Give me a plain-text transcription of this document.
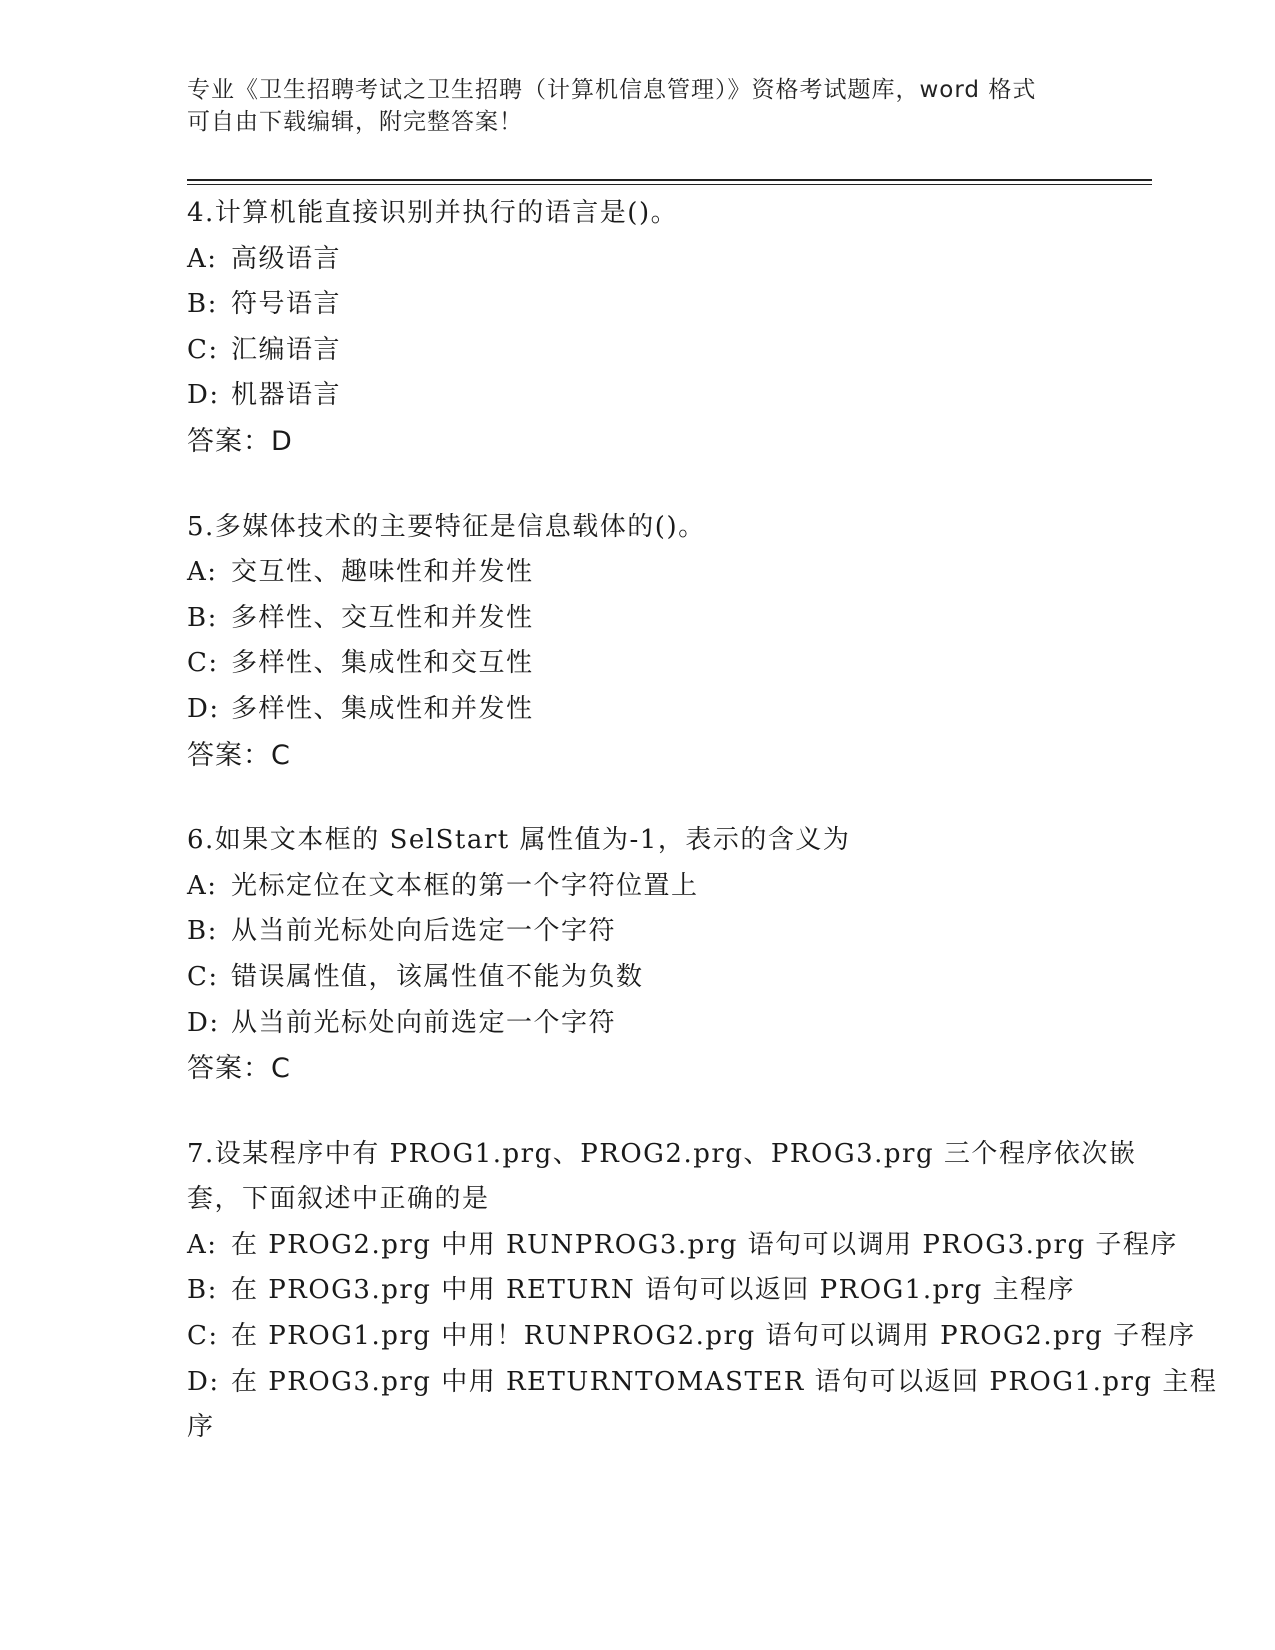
专业《卫生招聘考试之卫生招聘（计算机信息管理）》资格考试题库，word 格式
可自由下载编辑，附完整答案！
4.计算机能直接识别并执行的语言是()。
A: 高级语言
B: 符号语言
C: 汇编语言
D: 机器语言
答案：D
5.多媒体技术的主要特征是信息载体的()。
A: 交互性、趣味性和并发性
B: 多样性、交互性和并发性
C: 多样性、集成性和交互性
D: 多样性、集成性和并发性
答案：C
6.如果文本框的 SelStart 属性值为-1，表示的含义为
A: 光标定位在文本框的第一个字符位置上
B: 从当前光标处向后选定一个字符
C: 错误属性值，该属性值不能为负数
D: 从当前光标处向前选定一个字符
答案：C
7.设某程序中有 PROG1.prg、PROG2.prg、PROG3.prg 三个程序依次嵌
套，下面叙述中正确的是
A: 在 PROG2.prg 中用 RUNPROG3.prg 语句可以调用 PROG3.prg 子程序
B: 在 PROG3.prg 中用 RETURN 语句可以返回 PROG1.prg 主程序
C: 在 PROG1.prg 中用！RUNPROG2.prg 语句可以调用 PROG2.prg 子程序
D: 在 PROG3.prg 中用 RETURNTOMASTER 语句可以返回 PROG1.prg 主程
序
